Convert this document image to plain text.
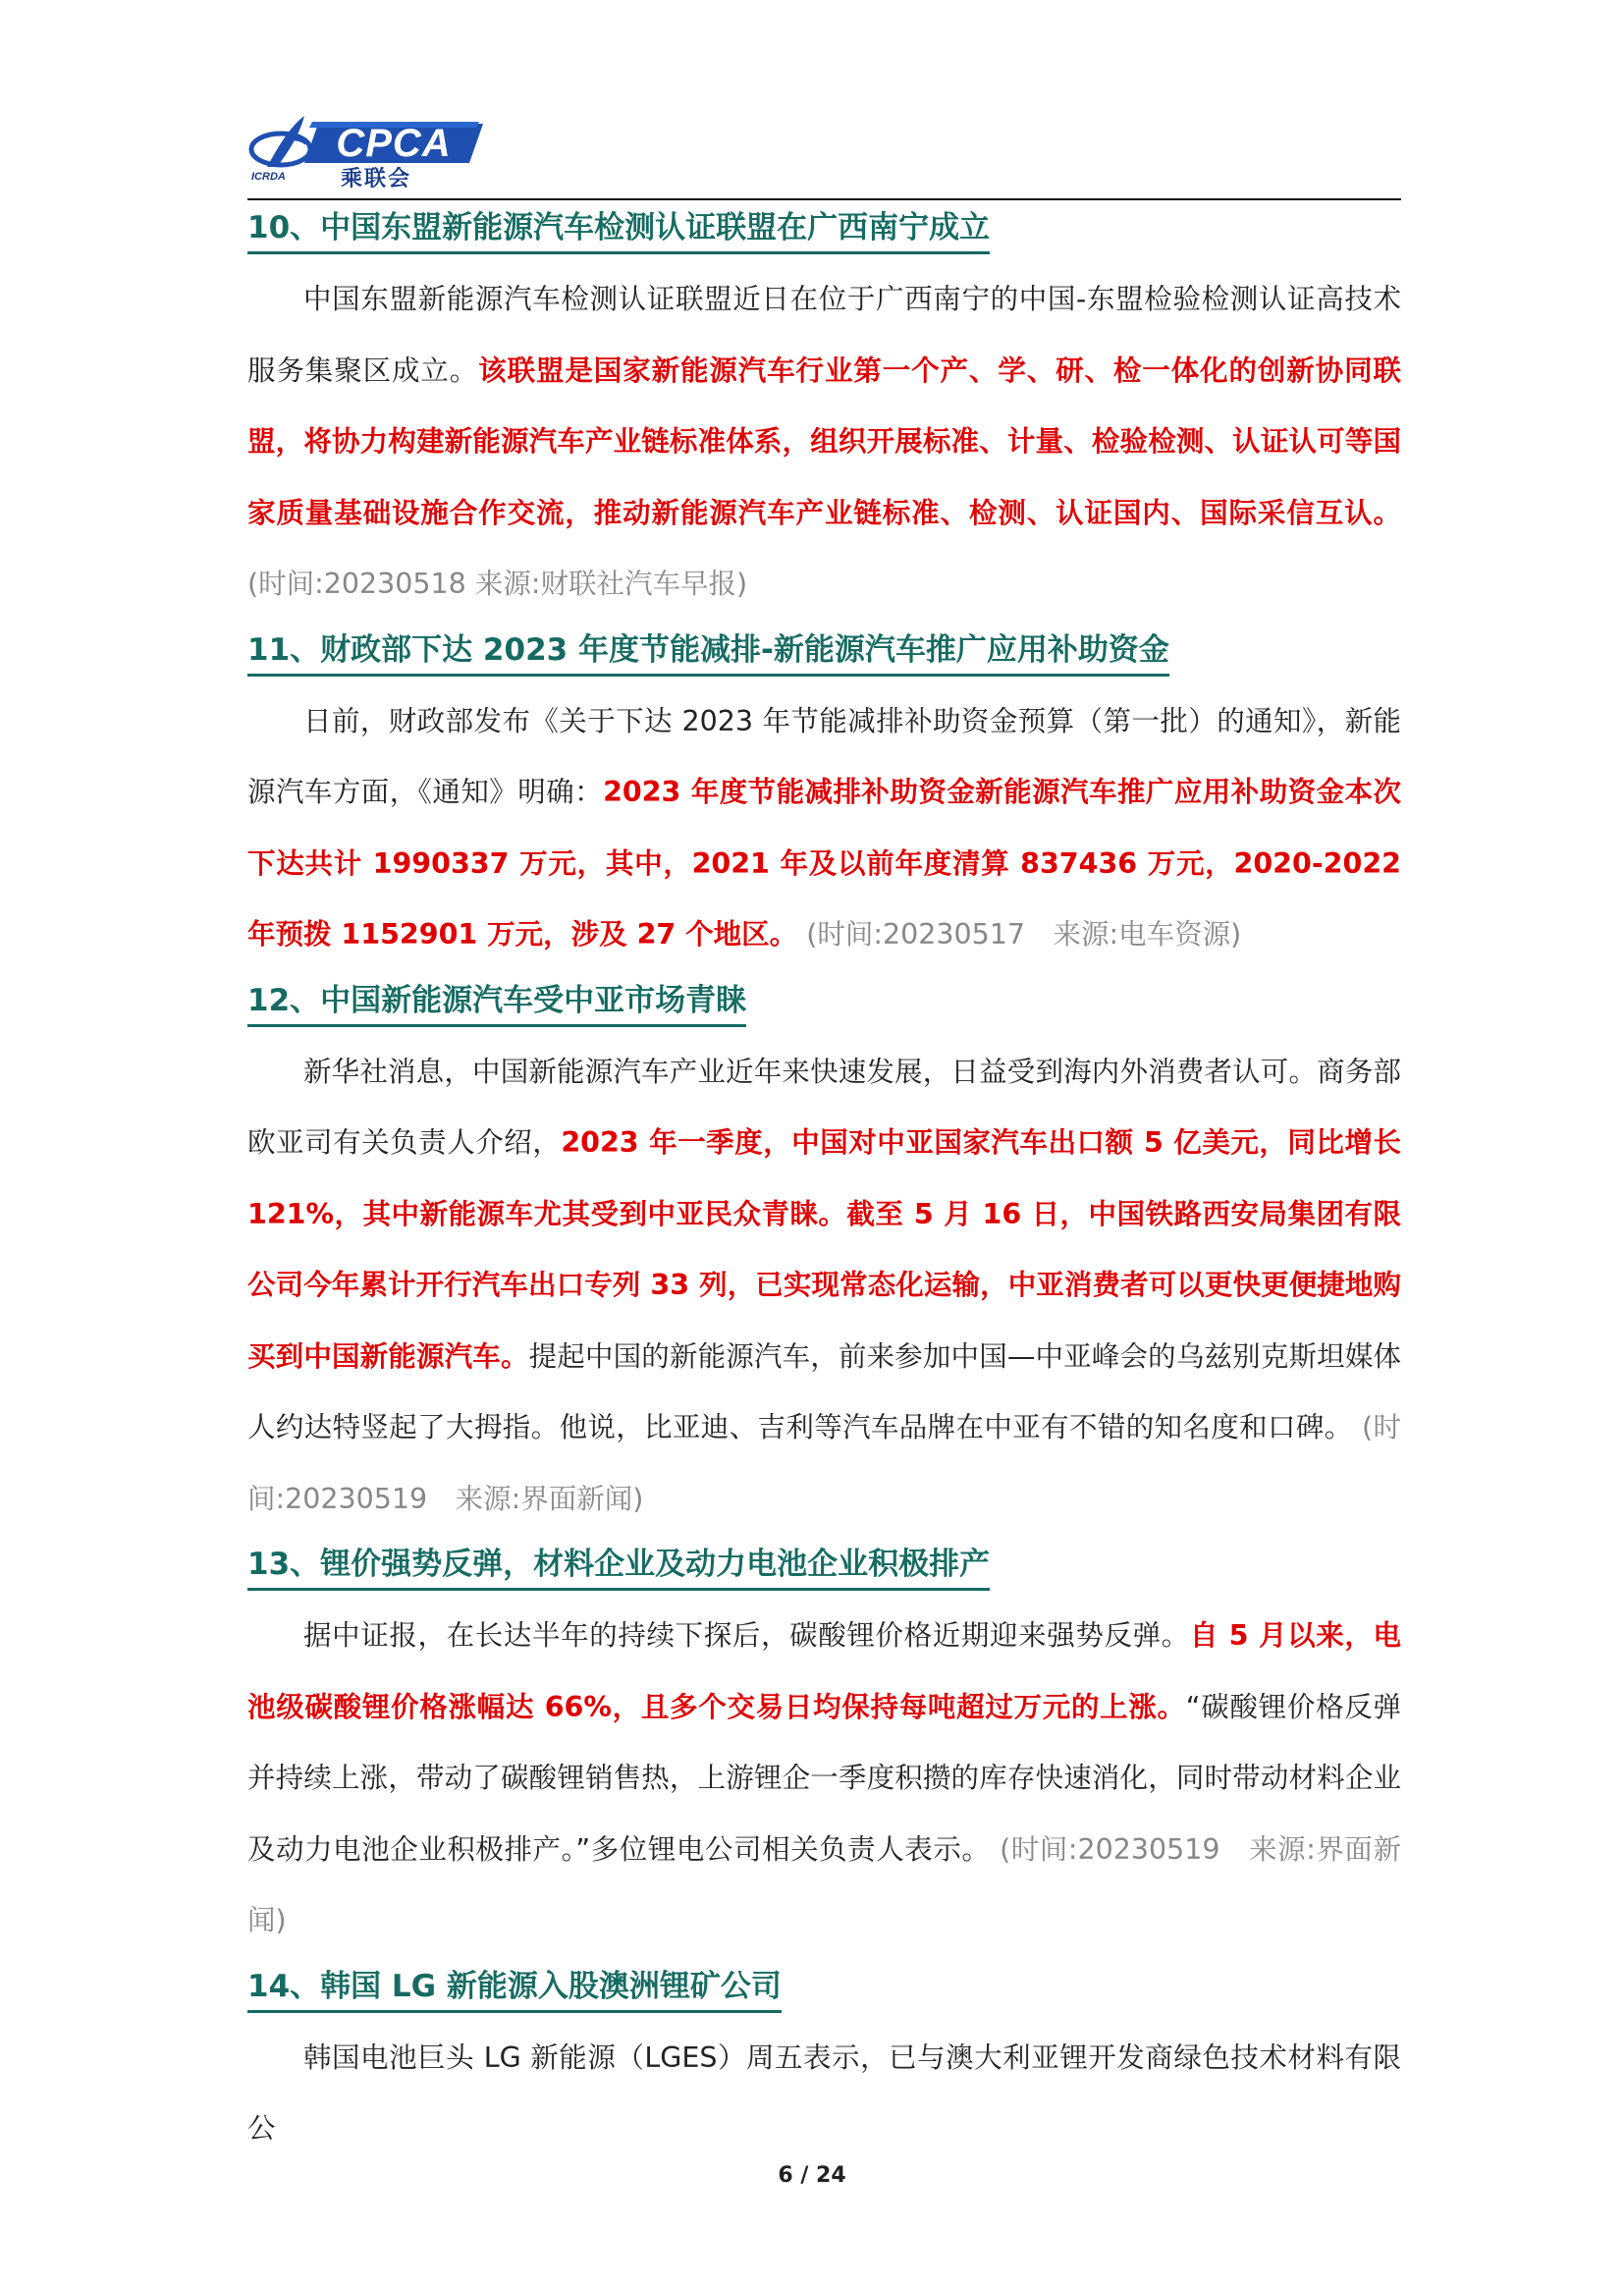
CPCA
乘联会
ICRDA
10、中国东盟新能源汽车检测认证联盟在广西南宁成立

中国东盟新能源汽车检测认证联盟近日在位于广西南宁的中国-东盟检验检测认证高技术服务集聚区成立。该联盟是国家新能源汽车行业第一个产、学、研、检一体化的创新协同联盟，将协力构建新能源汽车产业链标准体系，组织开展标准、计量、检验检测、认证认可等国家质量基础设施合作交流，推动新能源汽车产业链标准、检测、认证国内、国际采信互认。(时间:20230518 来源:财联社汽车早报)

11、财政部下达 2023 年度节能减排-新能源汽车推广应用补助资金

日前，财政部发布《关于下达 2023 年节能减排补助资金预算（第一批）的通知》，新能源汽车方面，《通知》明确：2023 年度节能减排补助资金新能源汽车推广应用补助资金本次下达共计 1990337 万元，其中，2021 年及以前年度清算 837436 万元，2020-2022 年预拨 1152901 万元，涉及 27 个地区。 (时间:20230517　来源:电车资源)

12、中国新能源汽车受中亚市场青睐

新华社消息，中国新能源汽车产业近年来快速发展，日益受到海内外消费者认可。商务部欧亚司有关负责人介绍，2023 年一季度，中国对中亚国家汽车出口额 5 亿美元，同比增长 121%，其中新能源车尤其受到中亚民众青睐。截至 5 月 16 日，中国铁路西安局集团有限公司今年累计开行汽车出口专列 33 列，已实现常态化运输，中亚消费者可以更快更便捷地购买到中国新能源汽车。提起中国的新能源汽车，前来参加中国—中亚峰会的乌兹别克斯坦媒体人约达特竖起了大拇指。他说，比亚迪、吉利等汽车品牌在中亚有不错的知名度和口碑。 (时间:20230519　来源:界面新闻)

13、锂价强势反弹，材料企业及动力电池企业积极排产

据中证报，在长达半年的持续下探后，碳酸锂价格近期迎来强势反弹。自 5 月以来，电池级碳酸锂价格涨幅达 66%，且多个交易日均保持每吨超过万元的上涨。“碳酸锂价格反弹并持续上涨，带动了碳酸锂销售热，上游锂企一季度积攒的库存快速消化，同时带动材料企业及动力电池企业积极排产。”多位锂电公司相关负责人表示。 (时间:20230519　来源:界面新闻)

14、韩国 LG 新能源入股澳洲锂矿公司

韩国电池巨头 LG 新能源（LGES）周五表示，已与澳大利亚锂开发商绿色技术材料有限公

6 / 24
